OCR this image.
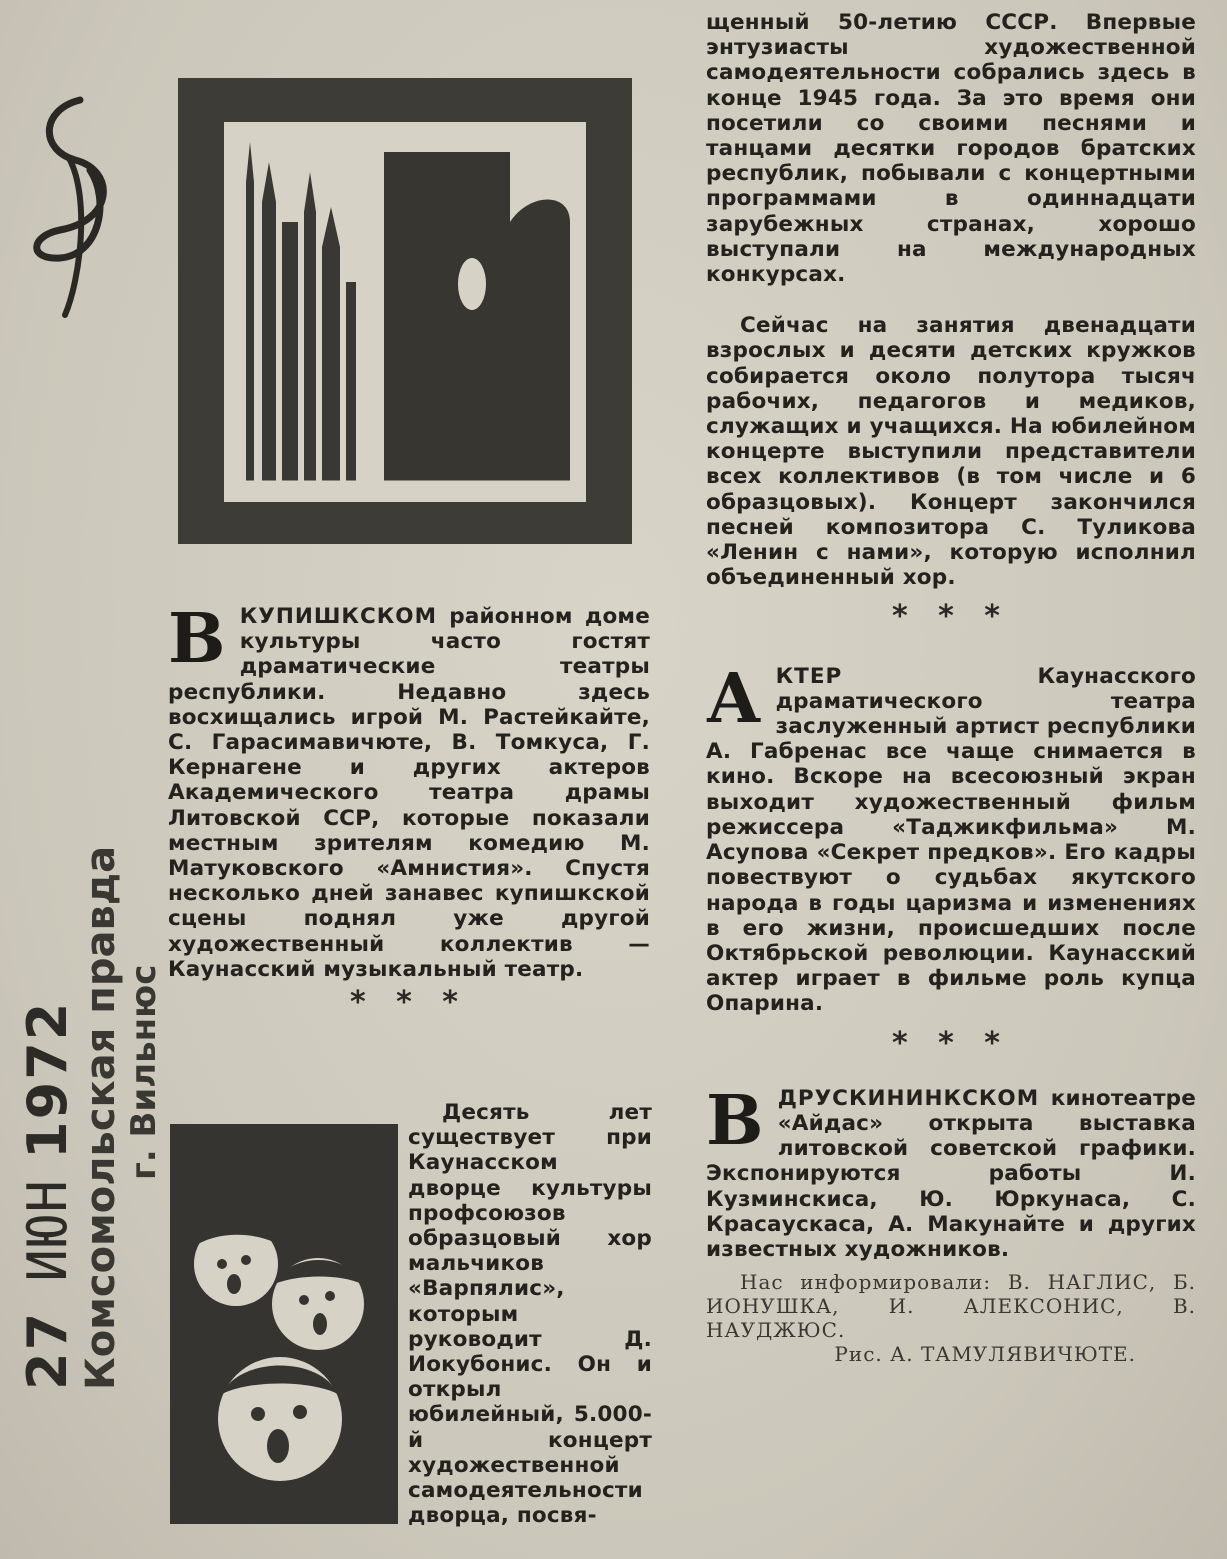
27 ИЮН 1972 Комсомольская правда г. Вильнюс

ВКУПИШКСКОМ районном доме культуры часто гостят драматические театры республики. Недавно здесь восхищались игрой М. Растейкайте, С. Гарасимавичюте, В. Томкуса, Г. Кернагене и других актеров Академического театра драмы Литовской ССР, которые показали местным зрителям комедию М. Матуковского «Амнистия». Спустя несколько дней занавес купишкской сцены поднял уже другой художественный коллектив — Каунасский музыкальный театр.

* * *

Десять лет существует при Каунасском дворце культуры профсоюзов образцовый хор мальчиков «Варпялис», которым руководит Д. Иокубонис. Он и открыл юбилейный, 5.000-й концерт художественной самодеятельности дворца, посвя-

щенный 50-летию СССР. Впервые энтузиасты художественной самодеятельности собрались здесь в конце 1945 года. За это время они посетили со своими песнями и танцами десятки городов братских республик, побывали с концертными программами в одиннадцати зарубежных странах, хорошо выступали на международных конкурсах.

Сейчас на занятия двенадцати взрослых и десяти детских кружков собирается около полутора тысяч рабочих, педагогов и медиков, служащих и учащихся. На юбилейном концерте выступили представители всех коллективов (в том числе и 6 образцовых). Концерт закончился песней композитора С. Туликова «Ленин с нами», которую исполнил объединенный хор.

* * *

АКТЕР Каунасского драматического театра заслуженный артист республики А. Габренас все чаще снимается в кино. Вскоре на всесоюзный экран выходит художественный фильм режиссера «Таджикфильма» М. Асупова «Секрет предков». Его кадры повествуют о судьбах якутского народа в годы царизма и изменениях в его жизни, происшедших после Октябрьской революции. Каунасский актер играет в фильме роль купца Опарина.

* * *

ВДРУСКИНИНКСКОМ кинотеатре «Айдас» открыта выставка литовской советской графики. Экспонируются работы И. Кузминскиса, Ю. Юркунаса, С. Красаускаса, А. Макунайте и других известных художников.

Нас информировали: В. НАГЛИС, Б. ИОНУШКА, И. АЛЕКСОНИС, В. НАУДЖЮС.

Рис. А. ТАМУЛЯВИЧЮТЕ.
